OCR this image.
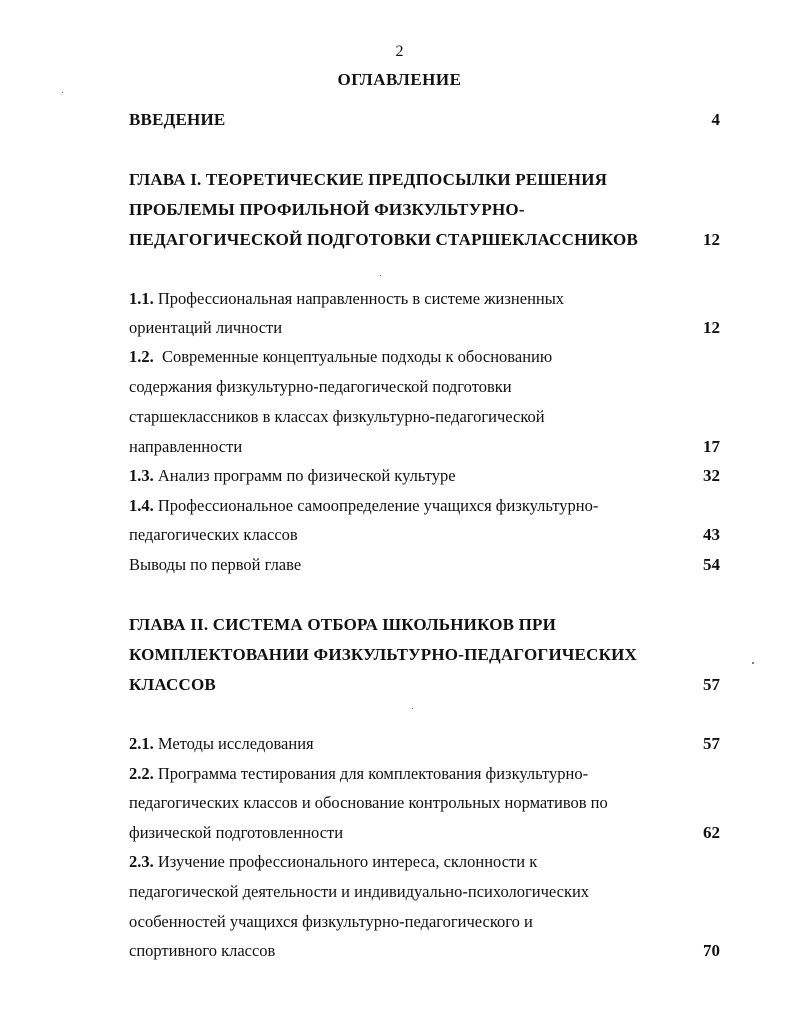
2
ОГЛАВЛЕНИЕ
ВВЕДЕНИЕ	4
ГЛАВА I. ТЕОРЕТИЧЕСКИЕ ПРЕДПОСЫЛКИ РЕШЕНИЯ
ПРОБЛЕМЫ ПРОФИЛЬНОЙ ФИЗКУЛЬТУРНО-
ПЕДАГОГИЧЕСКОЙ ПОДГОТОВКИ СТАРШЕКЛАССНИКОВ	12
1.1. Профессиональная направленность в системе жизненных
ориентаций личности	12
1.2. Современные концептуальные подходы к обоснованию
содержания физкультурно-педагогической подготовки
старшеклассников в классах физкультурно-педагогической
направленности	17
1.3. Анализ программ по физической культуре	32
1.4. Профессиональное самоопределение учащихся физкультурно-
педагогических классов	43
Выводы по первой главе	54
ГЛАВА II. СИСТЕМА ОТБОРА ШКОЛЬНИКОВ ПРИ
КОМПЛЕКТОВАНИИ ФИЗКУЛЬТУРНО-ПЕДАГОГИЧЕСКИХ
КЛАССОВ	57
2.1. Методы исследования	57
2.2. Программа тестирования для комплектования физкультурно-
педагогических классов и обоснование контрольных нормативов по
физической подготовленности	62
2.3. Изучение профессионального интереса, склонности к
педагогической деятельности и индивидуально-психологических
особенностей учащихся физкультурно-педагогического и
спортивного классов	70
